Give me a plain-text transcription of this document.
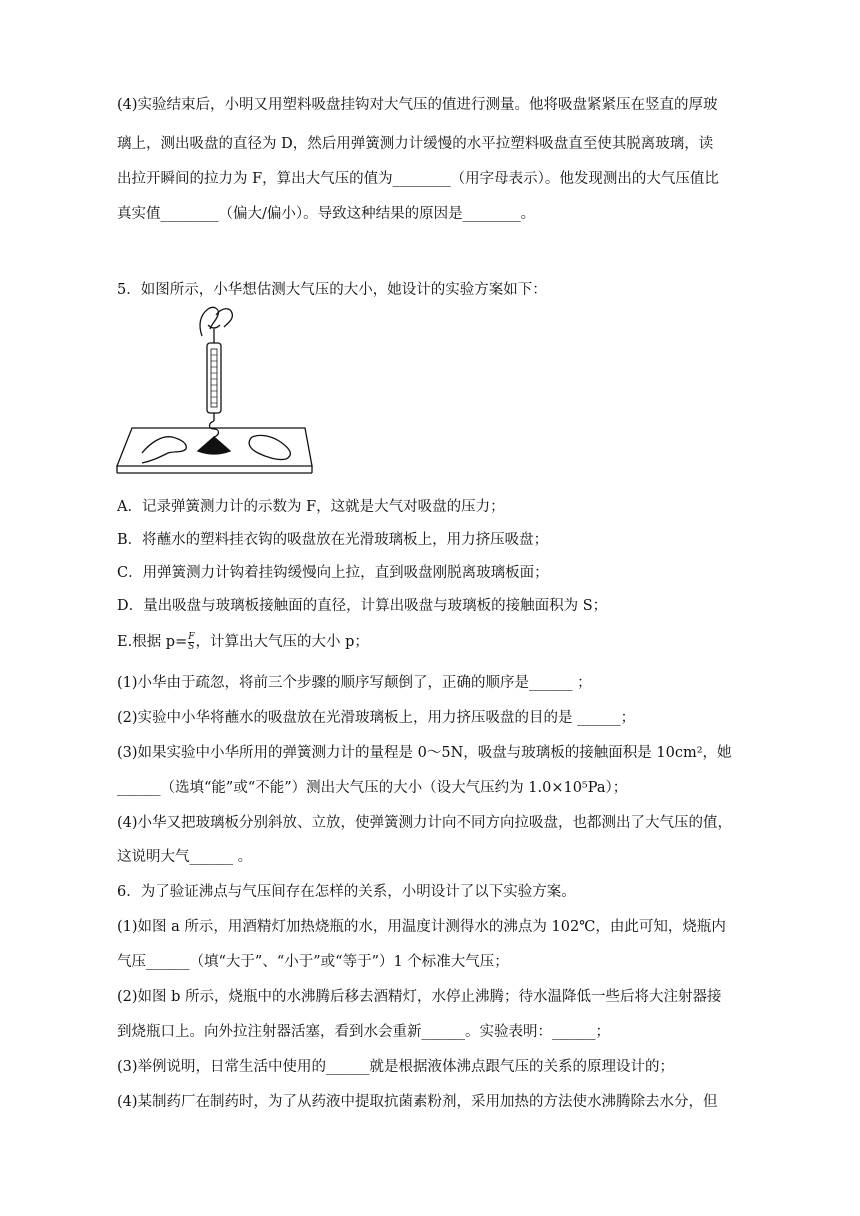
(4)实验结束后，小明又用塑料吸盘挂钩对大气压的值进行测量。他将吸盘紧紧压在竖直的厚玻
璃上，测出吸盘的直径为 D，然后用弹簧测力计缓慢的水平拉塑料吸盘直至使其脱离玻璃，读
出拉开瞬间的拉力为 F，算出大气压的值为________（用字母表示）。他发现测出的大气压值比
真实值________（偏大/偏小）。导致这种结果的原因是________。
5．如图所示，小华想估测大气压的大小，她设计的实验方案如下：
A．记录弹簧测力计的示数为 F，这就是大气对吸盘的压力；
B．将蘸水的塑料挂衣钩的吸盘放在光滑玻璃板上，用力挤压吸盘；
C．用弹簧测力计钩着挂钩缓慢向上拉，直到吸盘刚脱离玻璃板面；
D．量出吸盘与玻璃板接触面的直径，计算出吸盘与玻璃板的接触面积为 S；
E.根据 $p= \frac{F}{S}$ ，计算出大气压的大小 p；
(1)小华由于疏忽，将前三个步骤的顺序写颠倒了，正确的顺序是______ ；
(2)实验中小华将蘸水的吸盘放在光滑玻璃板上，用力挤压吸盘的目的是 ______；
(3)如果实验中小华所用的弹簧测力计的量程是 0～5N，吸盘与玻璃板的接触面积是 10cm²，她
______（选填“能”或“不能”）测出大气压的大小（设大气压约为 1.0×10⁵Pa）；
(4)小华又把玻璃板分别斜放、立放，使弹簧测力计向不同方向拉吸盘，也都测出了大气压的值，
这说明大气______ 。
6．为了验证沸点与气压间存在怎样的关系，小明设计了以下实验方案。
(1)如图 a 所示，用酒精灯加热烧瓶的水，用温度计测得水的沸点为 102℃，由此可知，烧瓶内
气压______（填“大于”、“小于”或“等于”）1 个标准大气压；
(2)如图 b 所示，烧瓶中的水沸腾后移去酒精灯，水停止沸腾；待水温降低一些后将大注射器接
到烧瓶口上。向外拉注射器活塞，看到水会重新______。实验表明：______；
(3)举例说明，日常生活中使用的______就是根据液体沸点跟气压的关系的原理设计的；
(4)某制药厂在制药时，为了从药液中提取抗菌素粉剂，采用加热的方法使水沸腾除去水分，但
